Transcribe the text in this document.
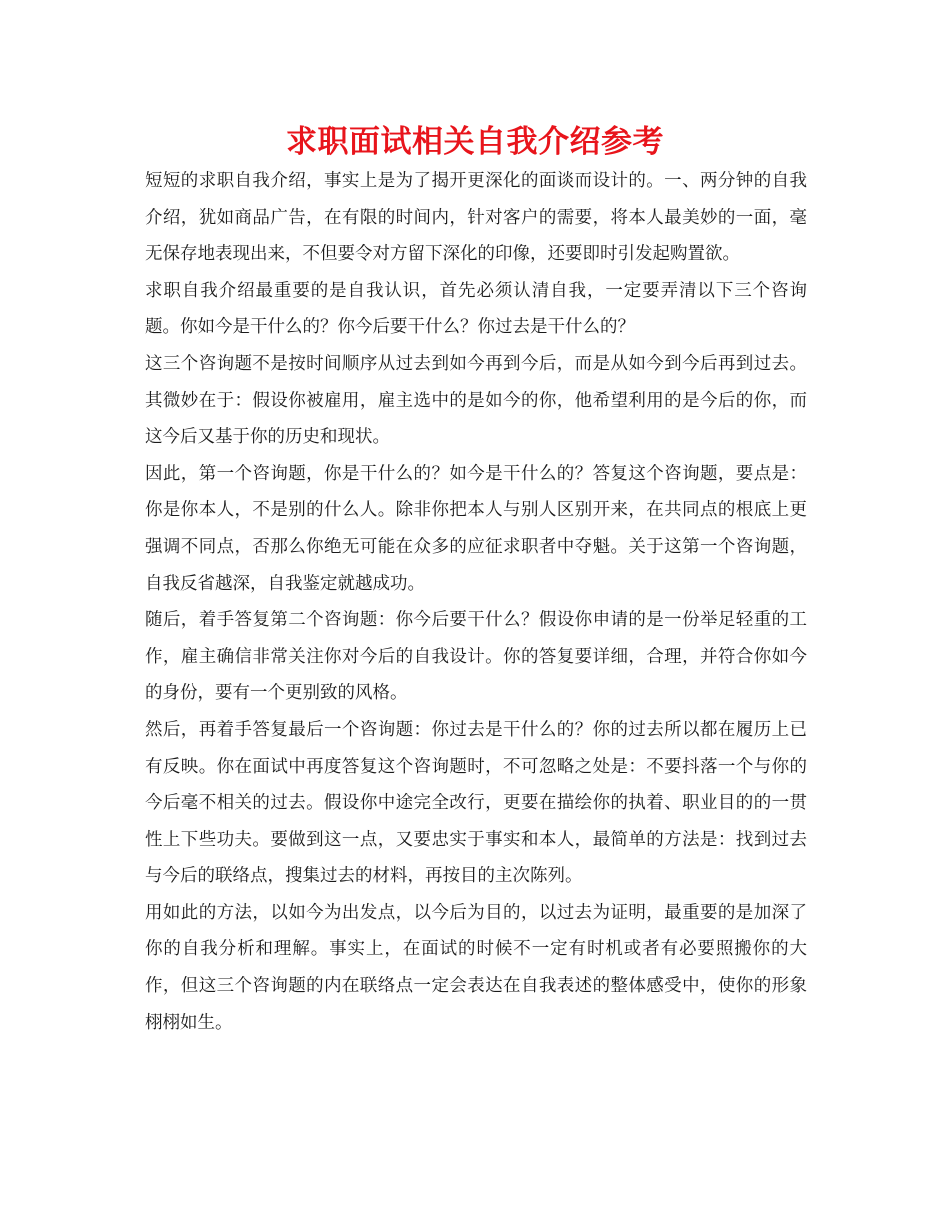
求职面试相关自我介绍参考

短短的求职自我介绍，事实上是为了揭开更深化的面谈而设计的。一、两分钟的自我介绍，犹如商品广告，在有限的时间内，针对客户的需要，将本人最美妙的一面，毫无保存地表现出来，不但要令对方留下深化的印像，还要即时引发起购置欲。

求职自我介绍最重要的是自我认识，首先必须认清自我，一定要弄清以下三个咨询题。你如今是干什么的？你今后要干什么？你过去是干什么的？

这三个咨询题不是按时间顺序从过去到如今再到今后，而是从如今到今后再到过去。其微妙在于：假设你被雇用，雇主选中的是如今的你，他希望利用的是今后的你，而这今后又基于你的历史和现状。

因此，第一个咨询题，你是干什么的？如今是干什么的？答复这个咨询题，要点是：你是你本人，不是别的什么人。除非你把本人与别人区别开来，在共同点的根底上更强调不同点，否那么你绝无可能在众多的应征求职者中夺魁。关于这第一个咨询题，自我反省越深，自我鉴定就越成功。

随后，着手答复第二个咨询题：你今后要干什么？假设你申请的是一份举足轻重的工作，雇主确信非常关注你对今后的自我设计。你的答复要详细，合理，并符合你如今的身份，要有一个更别致的风格。

然后，再着手答复最后一个咨询题：你过去是干什么的？你的过去所以都在履历上已有反映。你在面试中再度答复这个咨询题时，不可忽略之处是：不要抖落一个与你的今后毫不相关的过去。假设你中途完全改行，更要在描绘你的执着、职业目的的一贯性上下些功夫。要做到这一点，又要忠实于事实和本人，最简单的方法是：找到过去与今后的联络点，搜集过去的材料，再按目的主次陈列。

用如此的方法，以如今为出发点，以今后为目的，以过去为证明，最重要的是加深了你的自我分析和理解。事实上，在面试的时候不一定有时机或者有必要照搬你的大作，但这三个咨询题的内在联络点一定会表达在自我表述的整体感受中，使你的形象栩栩如生。
